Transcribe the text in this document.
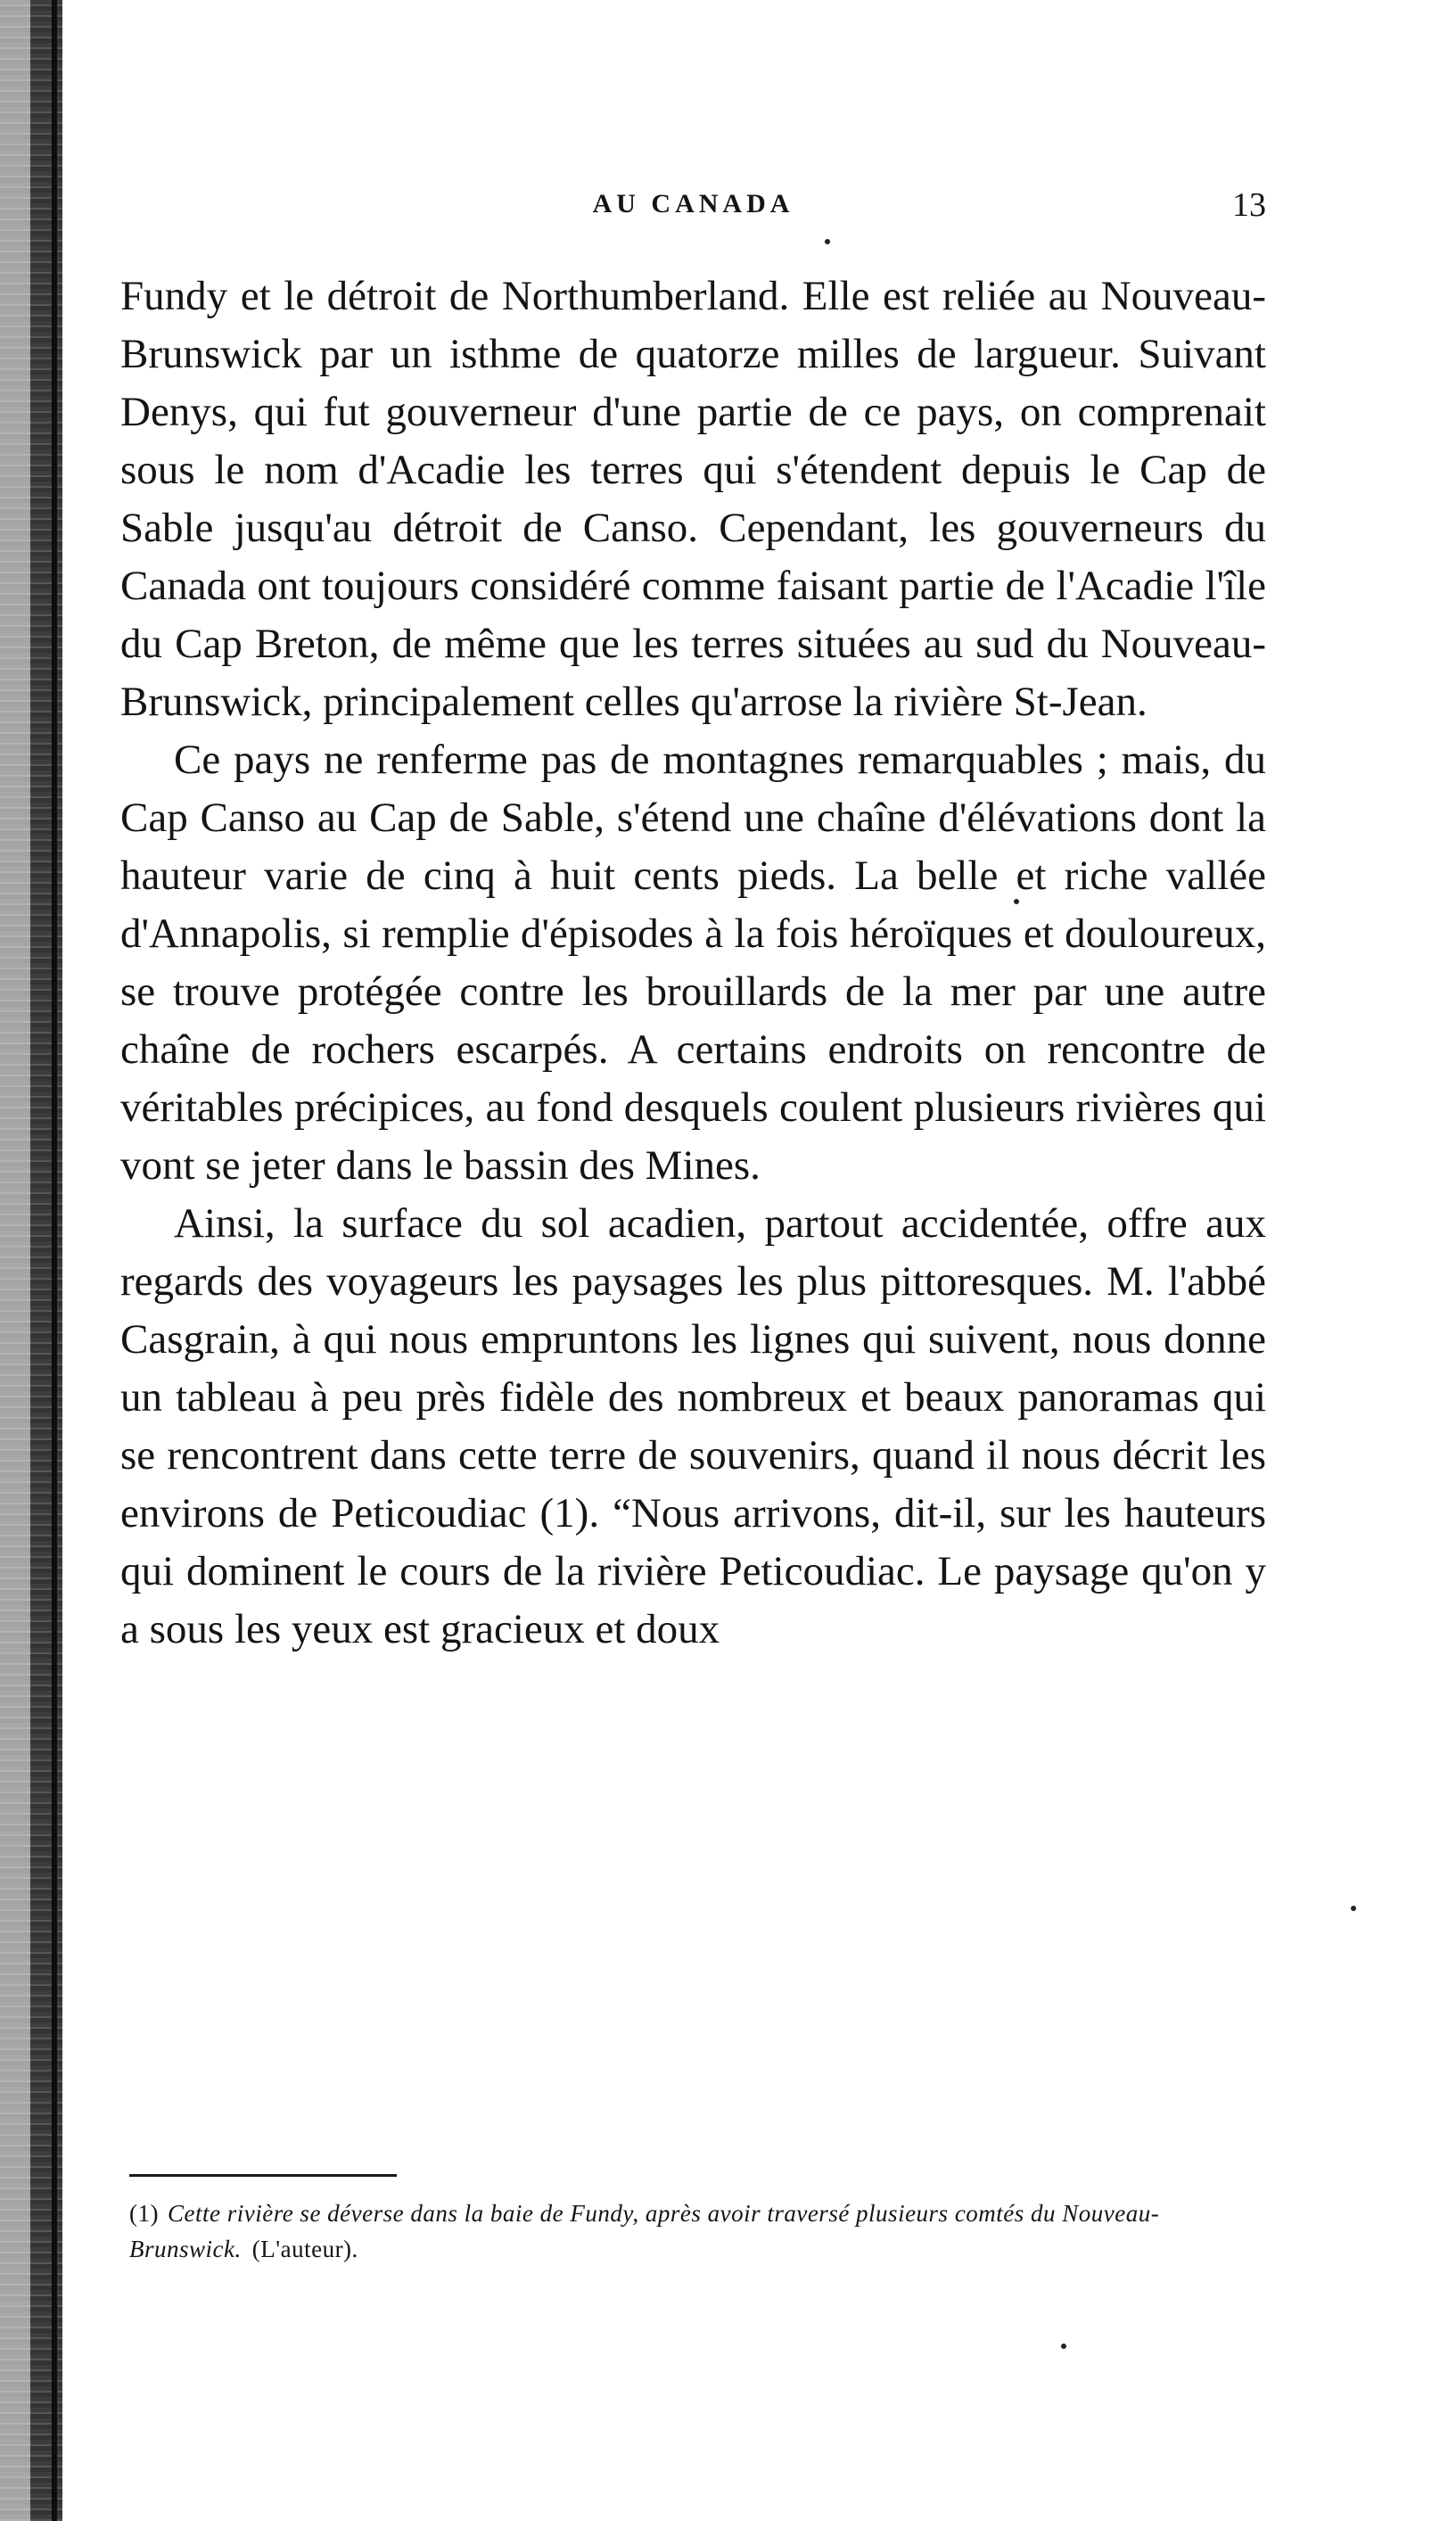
AU CANADA	13

Fundy et le détroit de Northumberland. Elle est reliée au Nouveau-Brunswick par un isthme de quatorze milles de largueur. Suivant Denys, qui fut gouverneur d'une partie de ce pays, on comprenait sous le nom d'Acadie les terres qui s'étendent depuis le Cap de Sable jusqu'au détroit de Canso. Cependant, les gouverneurs du Canada ont toujours considéré comme faisant partie de l'Acadie l'île du Cap Breton, de même que les terres situées au sud du Nouveau-Brunswick, principalement celles qu'arrose la rivière St-Jean.

Ce pays ne renferme pas de montagnes remarquables ; mais, du Cap Canso au Cap de Sable, s'étend une chaîne d'élévations dont la hauteur varie de cinq à huit cents pieds. La belle et riche vallée d'Annapolis, si remplie d'épisodes à la fois héroïques et douloureux, se trouve protégée contre les brouillards de la mer par une autre chaîne de rochers escarpés. A certains endroits on rencontre de véritables précipices, au fond desquels coulent plusieurs rivières qui vont se jeter dans le bassin des Mines.

Ainsi, la surface du sol acadien, partout accidentée, offre aux regards des voyageurs les paysages les plus pittoresques. M. l'abbé Casgrain, à qui nous empruntons les lignes qui suivent, nous donne un tableau à peu près fidèle des nombreux et beaux panoramas qui se rencontrent dans cette terre de souvenirs, quand il nous décrit les environs de Peticoudiac (1). “Nous arrivons, dit-il, sur les hauteurs qui dominent le cours de la rivière Peticoudiac. Le paysage qu'on y a sous les yeux est gracieux et doux

(1) Cette rivière se déverse dans la baie de Fundy, après avoir traversé plusieurs comtés du Nouveau-Brunswick. (L'auteur).
